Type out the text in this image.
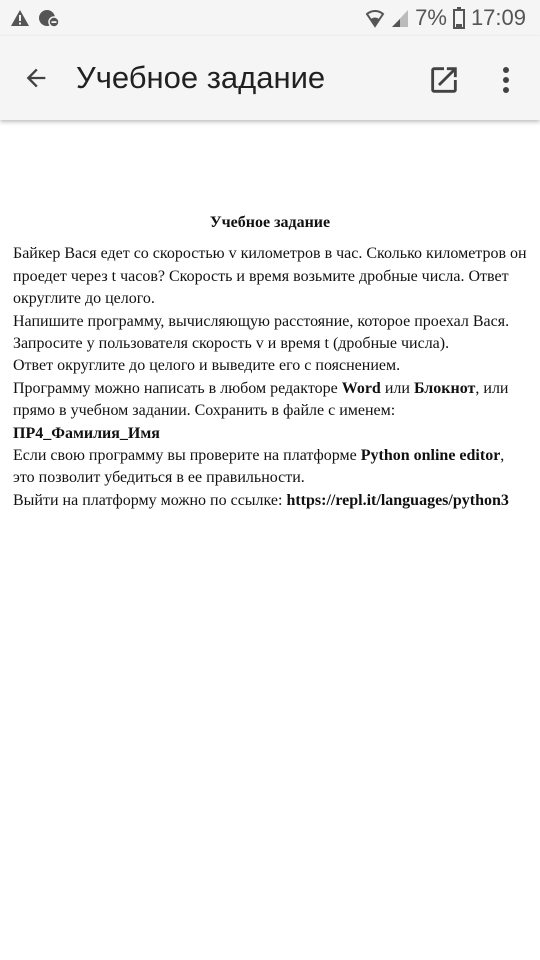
7% 17:09
Учебное задание
Учебное задание
Байкер Вася едет со скоростью v километров в час. Сколько километров он
проедет через t часов? Скорость и время возьмите дробные числа. Ответ
округлите до целого.
Напишите программу, вычисляющую расстояние, которое проехал Вася.
Запросите у пользователя скорость v и время t (дробные числа).
Ответ округлите до целого и выведите его с пояснением.
Программу можно написать в любом редакторе Word или Блокнот, или
прямо в учебном задании. Сохранить в файле с именем:
ПР4_Фамилия_Имя
Если свою программу вы проверите на платформе Python online editor,
это позволит убедиться в ее правильности.
Выйти на платформу можно по ссылке: https://repl.it/languages/python3
